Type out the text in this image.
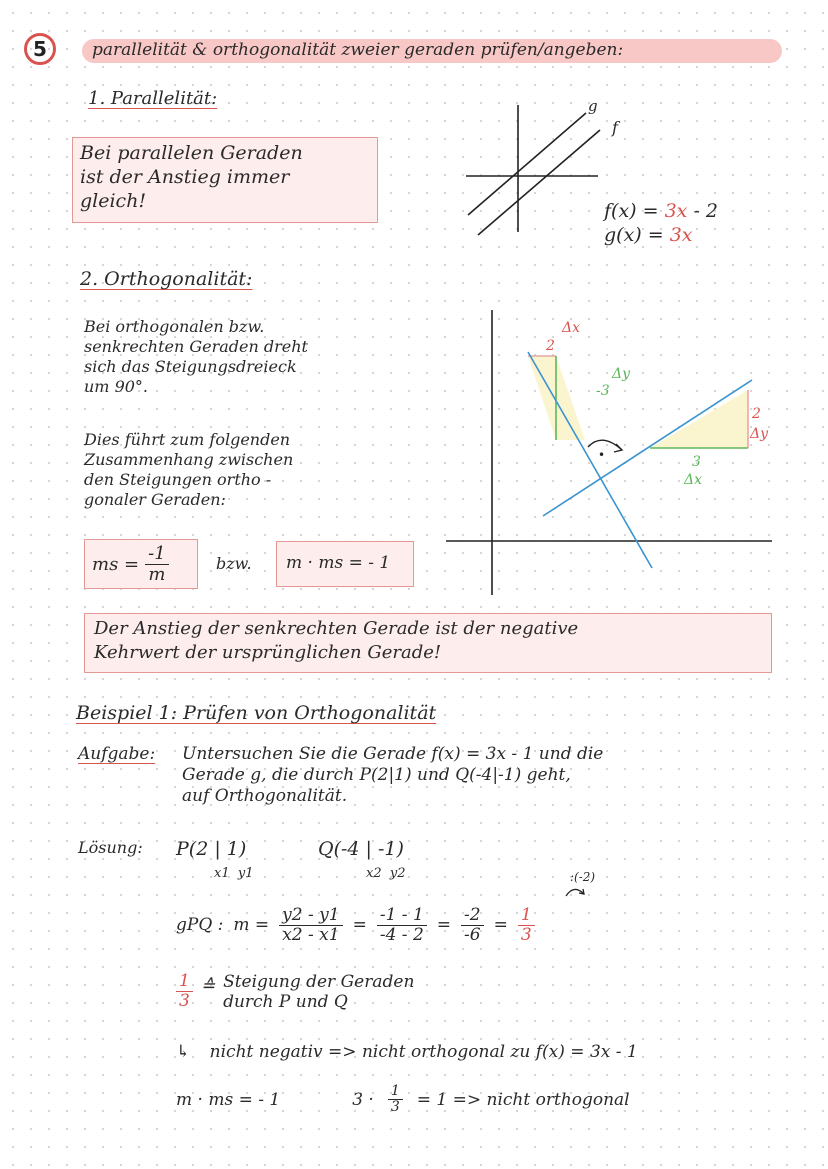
5	parallelität & orthogonalität zweier geraden prüfen/angeben:
1. Parallelität:
Bei parallelen Geraden
ist der Anstieg immer
gleich!
g
f
f(x) = 3x - 2
g(x) = 3x
2. Orthogonalität:
Bei orthogonalen bzw.
senkrechten Geraden dreht
sich das Steigungsdreieck
um 90°.
Dies führt zum folgenden
Zusammenhang zwischen
den Steigungen ortho -
gonaler Geraden:
ms = $\frac{-1}{m}$	bzw. m · ms = - 1
Δx
2
-3
Δy
2
Δy
3
Δx
•
Der Anstieg der senkrechten Gerade ist der negative
Kehrwert der ursprünglichen Gerade!
Beispiel 1: Prüfen von Orthogonalität
Aufgabe: Untersuchen Sie die Gerade f(x) = 3x - 1 und die
Gerade g, die durch P(2|1) und Q(-4|-1) geht,
auf Orthogonalität.
Lösung: P(2 | 1)	Q(-4 | -1)
x1  y1	x2  y2	:(-2)
gPQ : $m = \frac{y2 - y1}{x2 - x1} = \frac{-1 - 1}{-4 - 2} = \frac{-2}{-6} = \frac{1}{3}$
$\frac{1}{3}$ ≙ Steigung der Geraden
durch P und Q
↳ nicht negativ => nicht orthogonal zu f(x) = 3x - 1
m · ms = - 1	$3 \cdot \frac{1}{3} = 1$ => nicht orthogonal
